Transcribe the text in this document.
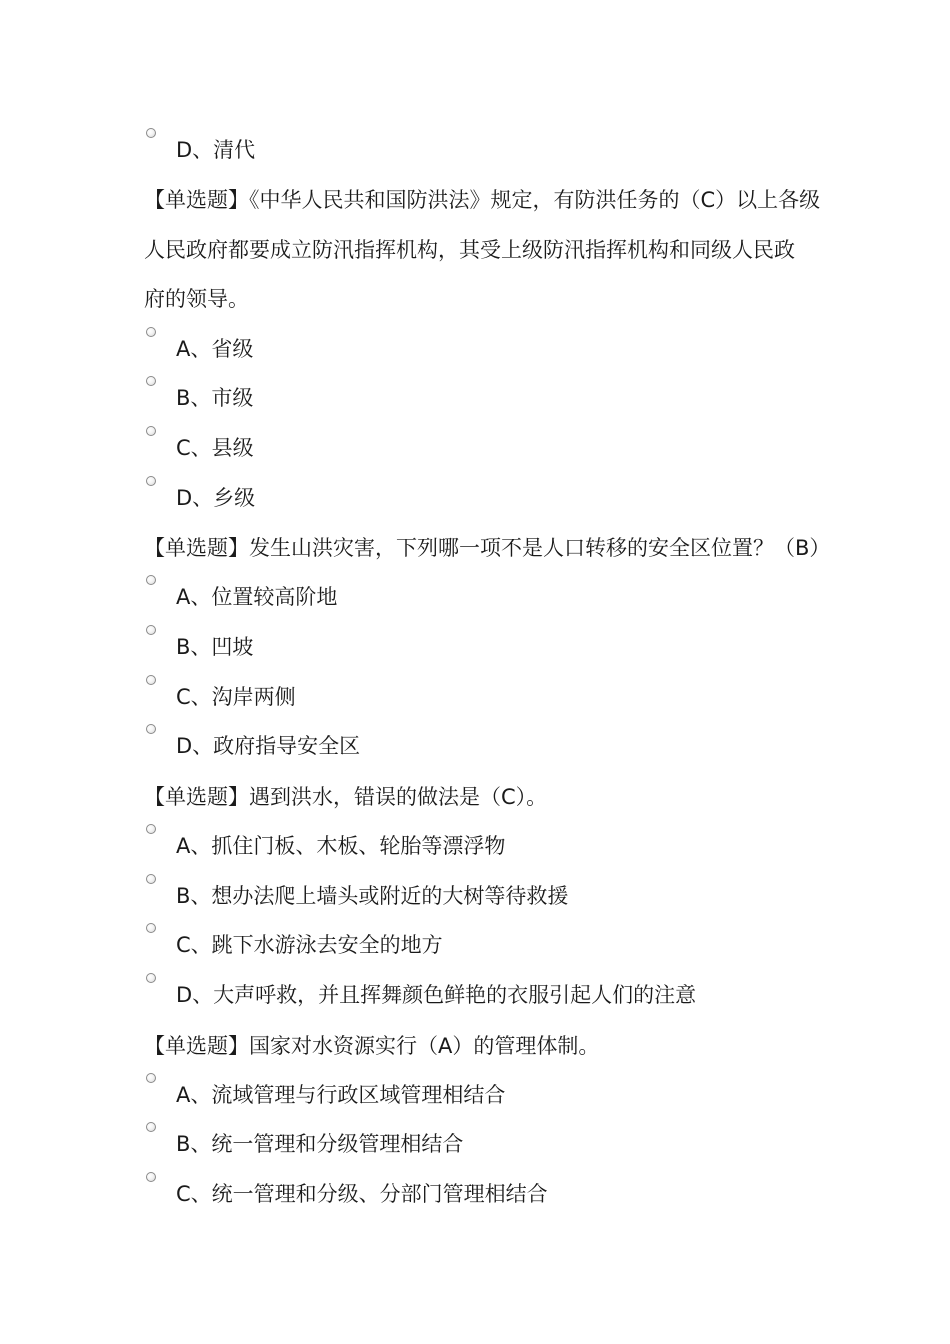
D、清代
【单选题】《中华人民共和国防洪法》规定，有防洪任务的（C）以上各级
人民政府都要成立防汛指挥机构，其受上级防汛指挥机构和同级人民政
府的领导。
A、省级
B、市级
C、县级
D、乡级
【单选题】发生山洪灾害，下列哪一项不是人口转移的安全区位置？（B）
A、位置较高阶地
B、凹坡
C、沟岸两侧
D、政府指导安全区
【单选题】遇到洪水，错误的做法是（C）。
A、抓住门板、木板、轮胎等漂浮物
B、想办法爬上墙头或附近的大树等待救援
C、跳下水游泳去安全的地方
D、大声呼救，并且挥舞颜色鲜艳的衣服引起人们的注意
【单选题】国家对水资源实行（A）的管理体制。
A、流域管理与行政区域管理相结合
B、统一管理和分级管理相结合
C、统一管理和分级、分部门管理相结合
